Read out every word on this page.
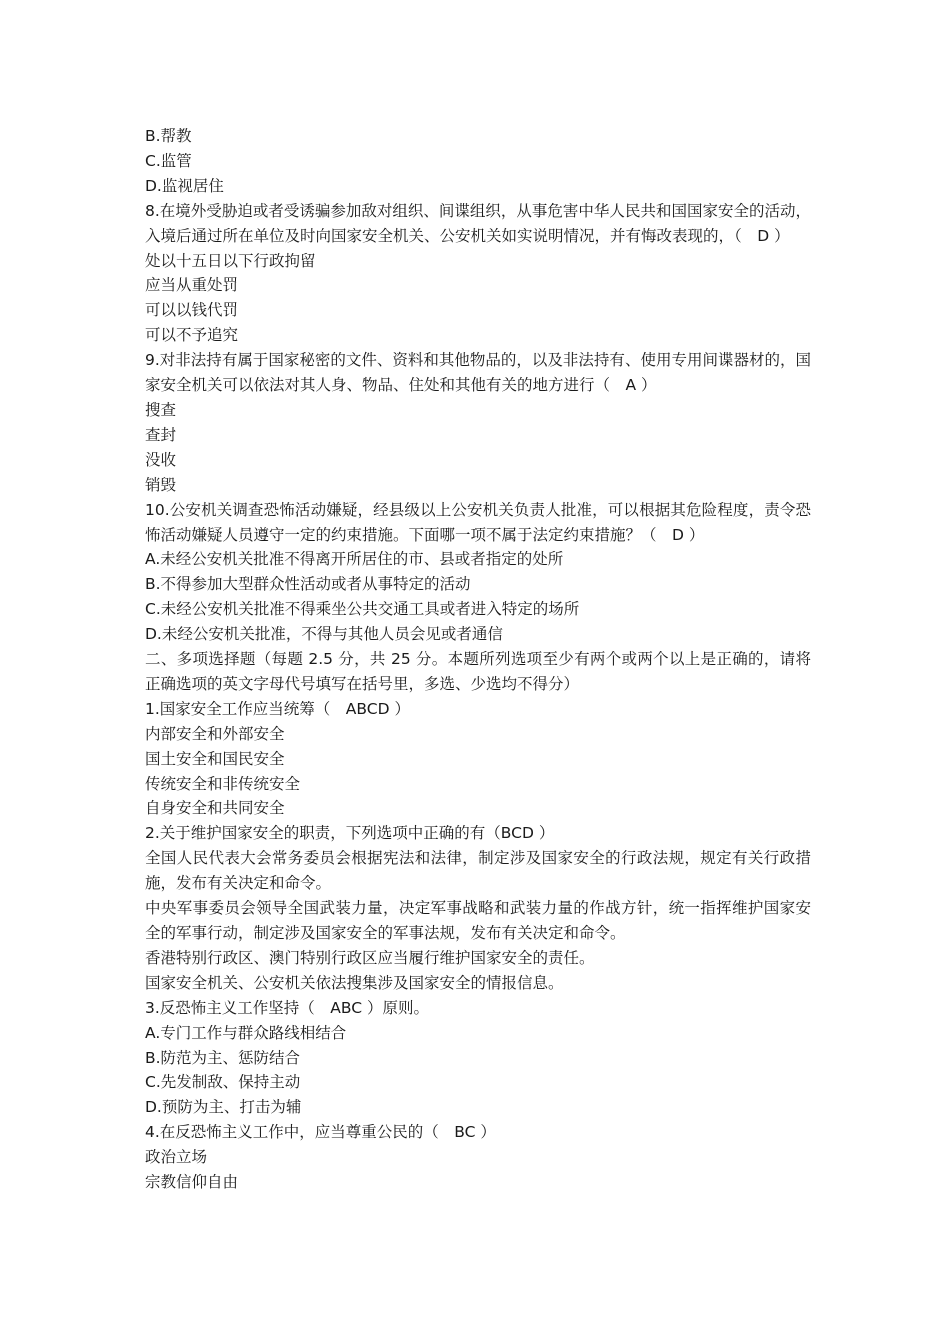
B.帮教

C.监管

D.监视居住

8.在境外受胁迫或者受诱骗参加敌对组织、间谍组织，从事危害中华人民共和国国家安全的活动，入境后通过所在单位及时向国家安全机关、公安机关如实说明情况，并有悔改表现的，（　D ）

处以十五日以下行政拘留

应当从重处罚

可以以钱代罚

可以不予追究

9.对非法持有属于国家秘密的文件、资料和其他物品的，以及非法持有、使用专用间谍器材的，国家安全机关可以依法对其人身、物品、住处和其他有关的地方进行（　A ）

搜查

查封

没收

销毁

10.公安机关调查恐怖活动嫌疑，经县级以上公安机关负责人批准，可以根据其危险程度，责令恐怖活动嫌疑人员遵守一定的约束措施。下面哪一项不属于法定约束措施？（　D ）

A.未经公安机关批准不得离开所居住的市、县或者指定的处所

B.不得参加大型群众性活动或者从事特定的活动

C.未经公安机关批准不得乘坐公共交通工具或者进入特定的场所

D.未经公安机关批准，不得与其他人员会见或者通信

二、多项选择题（每题 2.5 分，共 25 分。本题所列选项至少有两个或两个以上是正确的，请将正确选项的英文字母代号填写在括号里，多选、少选均不得分）

1.国家安全工作应当统筹（　ABCD ）

内部安全和外部安全

国土安全和国民安全

传统安全和非传统安全

自身安全和共同安全

2.关于维护国家安全的职责，下列选项中正确的有（BCD ）

全国人民代表大会常务委员会根据宪法和法律，制定涉及国家安全的行政法规，规定有关行政措施，发布有关决定和命令。

中央军事委员会领导全国武装力量，决定军事战略和武装力量的作战方针，统一指挥维护国家安全的军事行动，制定涉及国家安全的军事法规，发布有关决定和命令。

香港特别行政区、澳门特别行政区应当履行维护国家安全的责任。

国家安全机关、公安机关依法搜集涉及国家安全的情报信息。

3.反恐怖主义工作坚持（　ABC ）原则。

A.专门工作与群众路线相结合

B.防范为主、惩防结合

C.先发制敌、保持主动

D.预防为主、打击为辅

4.在反恐怖主义工作中，应当尊重公民的（　BC ）

政治立场

宗教信仰自由
